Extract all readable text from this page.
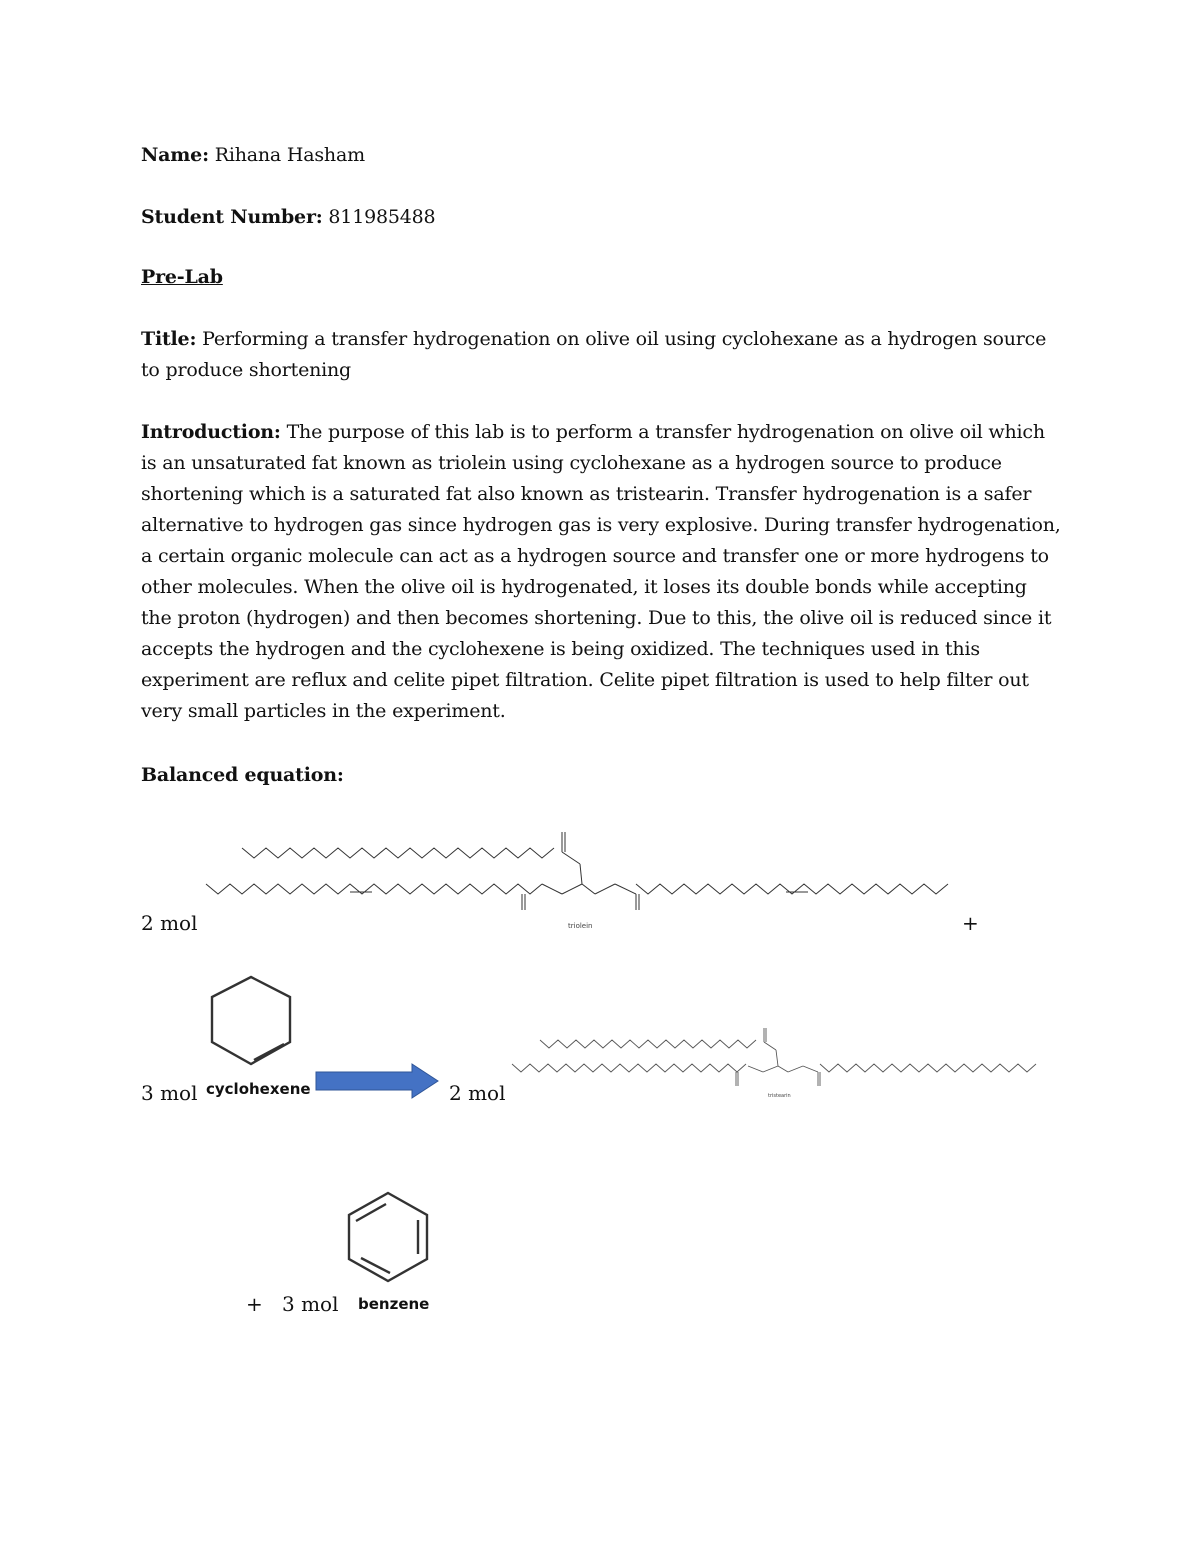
Name: Rihana Hasham
Student Number: 811985488
Pre-Lab
Title: Performing a transfer hydrogenation on olive oil using cyclohexane as a hydrogen source to produce shortening
Introduction: The purpose of this lab is to perform a transfer hydrogenation on olive oil which is an unsaturated fat known as triolein using cyclohexane as a hydrogen source to produce shortening which is a saturated fat also known as tristearin. Transfer hydrogenation is a safer alternative to hydrogen gas since hydrogen gas is very explosive. During transfer hydrogenation, a certain organic molecule can act as a hydrogen source and transfer one or more hydrogens to other molecules. When the olive oil is hydrogenated, it loses its double bonds while accepting the proton (hydrogen) and then becomes shortening. Due to this, the olive oil is reduced since it accepts the hydrogen and the cyclohexene is being oxidized. The techniques used in this experiment are reflux and celite pipet filtration. Celite pipet filtration is used to help filter out very small particles in the experiment.
Balanced equation:
2 mol	triolein	+
3 mol cyclohexene	2 mol	tristearin
+ 3 mol benzene
